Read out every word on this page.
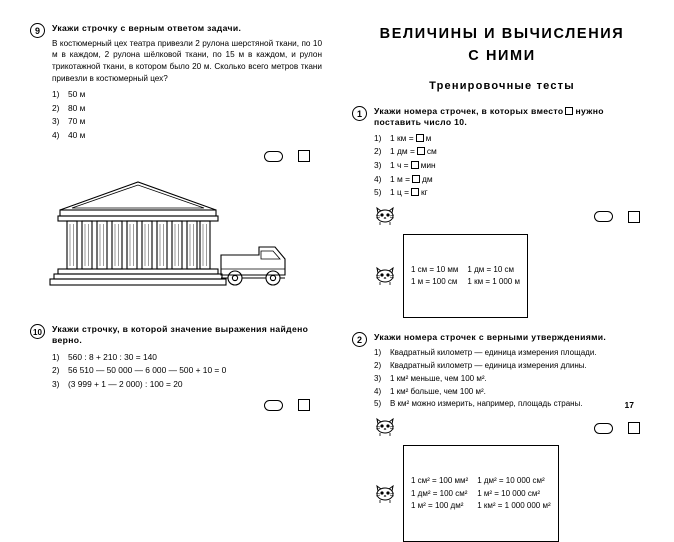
9	Укажи строчку с верным ответом задачи.
В костюмерный цех театра привезли 2 рулона шерстяной ткани, по 10 м в каждом, 2 рулона шёлковой ткани, по 15 м в каждом, и рулон трикотажной ткани, в котором было 20 м. Сколько всего метров ткани привезли в костюмерный цех?
1) 50 м
2) 80 м
3) 70 м
4) 40 м

10	Укажи строчку, в которой значение выражения найдено верно.
1) 560 : 8 + 210 : 30 = 140
2) 56 510 — 50 000 — 6 000 — 500 + 10 = 0
3) (3 999 + 1 — 2 000) : 100 = 20

ВЕЛИЧИНЫ И ВЫЧИСЛЕНИЯ
С НИМИ
Тренировочные тесты
1	Укажи номера строчек, в которых вместо нужно поставить число 10.
1) 1 км = м
2) 1 дм = см
3) 1 ч = мин
4) 1 м = дм
5) 1 ц = кг

1 см = 10 мм	1 дм = 10 см
1 м = 100 см	1 км = 1 000 м

2	Укажи номера строчек с верными утверждениями.
1) Квадратный километр — единица измерения площади.
2) Квадратный километр — единица измерения длины.
3) 1 км² меньше, чем 100 м².
4) 1 км² больше, чем 100 м².
5) В км² можно измерить, например, площадь страны.

1 см² = 100 мм²	1 дм² = 10 000 см²
1 дм² = 100 см²	1 м² = 10 000 см²
1 м² = 100 дм²	1 км² = 1 000 000 м²

17
